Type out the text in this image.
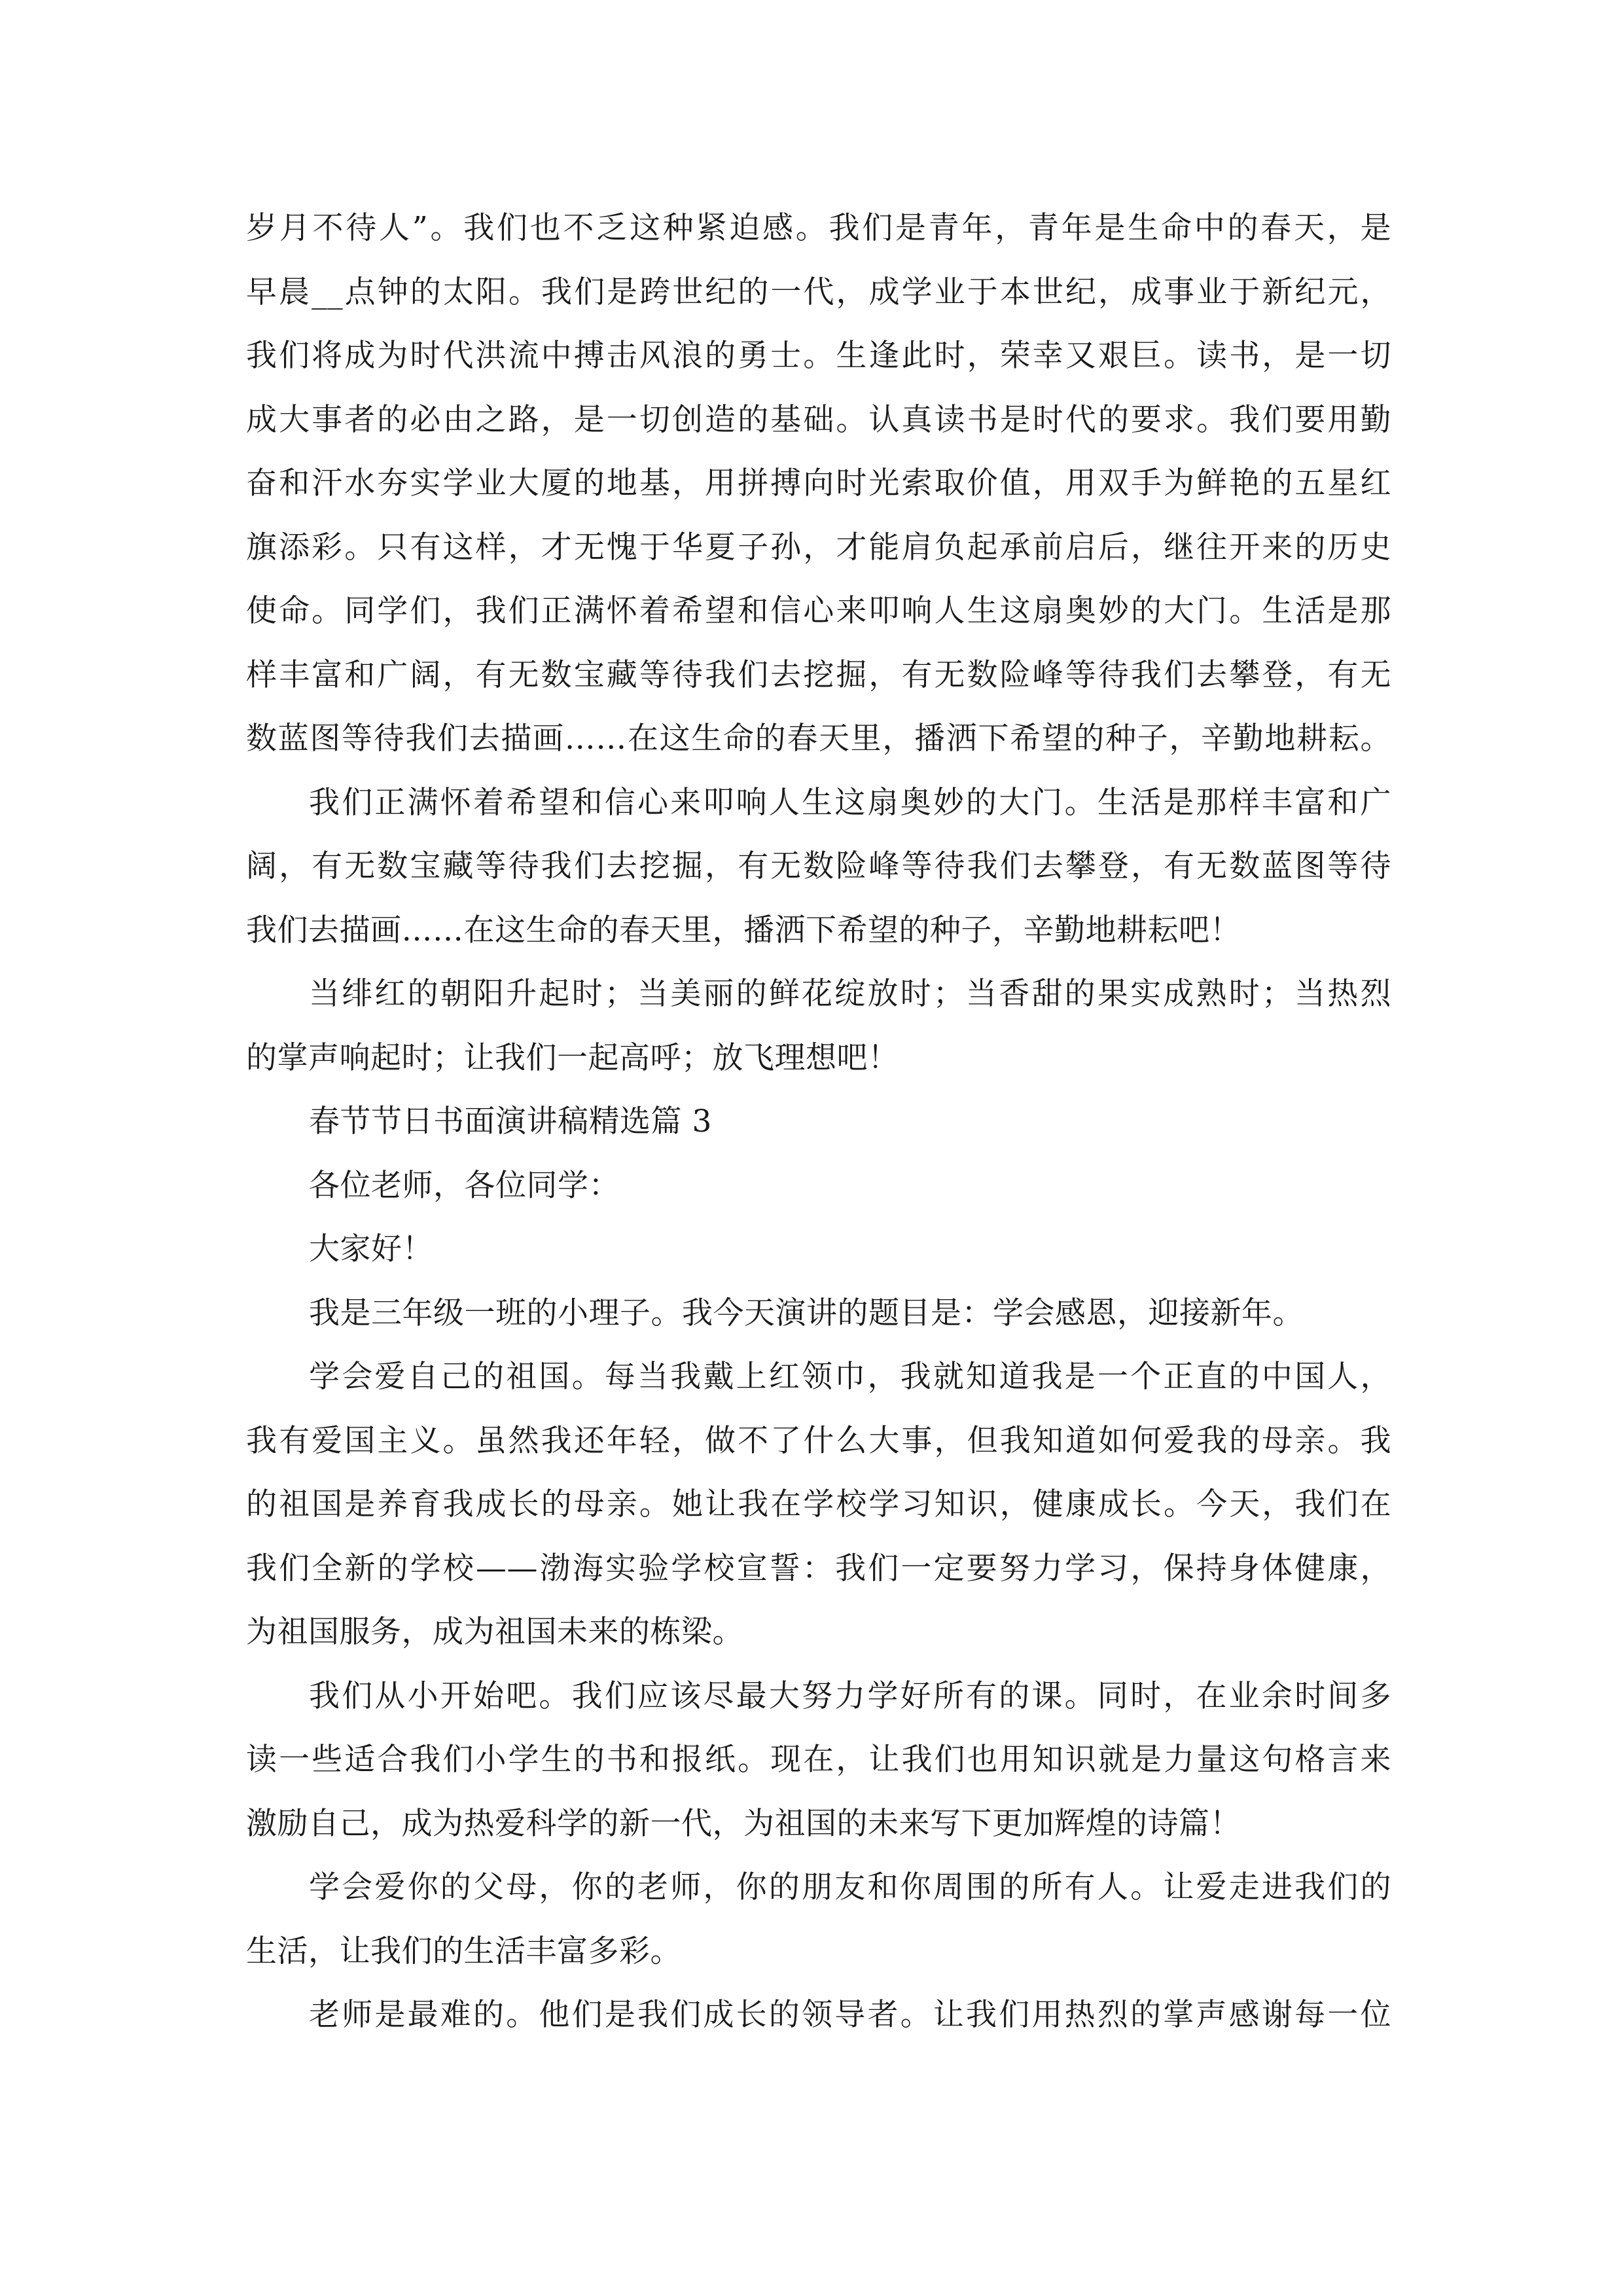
岁月不待人”。我们也不乏这种紧迫感。我们是青年，青年是生命中的春天，是
早晨__点钟的太阳。我们是跨世纪的一代，成学业于本世纪，成事业于新纪元，
我们将成为时代洪流中搏击风浪的勇士。生逢此时，荣幸又艰巨。读书，是一切
成大事者的必由之路，是一切创造的基础。认真读书是时代的要求。我们要用勤
奋和汗水夯实学业大厦的地基，用拼搏向时光索取价值，用双手为鲜艳的五星红
旗添彩。只有这样，才无愧于华夏子孙，才能肩负起承前启后，继往开来的历史
使命。同学们，我们正满怀着希望和信心来叩响人生这扇奥妙的大门。生活是那
样丰富和广阔，有无数宝藏等待我们去挖掘，有无数险峰等待我们去攀登，有无
数蓝图等待我们去描画……在这生命的春天里，播洒下希望的种子，辛勤地耕耘。
我们正满怀着希望和信心来叩响人生这扇奥妙的大门。生活是那样丰富和广
阔，有无数宝藏等待我们去挖掘，有无数险峰等待我们去攀登，有无数蓝图等待
我们去描画……在这生命的春天里，播洒下希望的种子，辛勤地耕耘吧！
当绯红的朝阳升起时；当美丽的鲜花绽放时；当香甜的果实成熟时；当热烈
的掌声响起时；让我们一起高呼；放飞理想吧！
春节节日书面演讲稿精选篇 3
各位老师，各位同学：
大家好！
我是三年级一班的小理子。我今天演讲的题目是：学会感恩，迎接新年。
学会爱自己的祖国。每当我戴上红领巾，我就知道我是一个正直的中国人，
我有爱国主义。虽然我还年轻，做不了什么大事，但我知道如何爱我的母亲。我
的祖国是养育我成长的母亲。她让我在学校学习知识，健康成长。今天，我们在
我们全新的学校——渤海实验学校宣誓：我们一定要努力学习，保持身体健康，
为祖国服务，成为祖国未来的栋梁。
我们从小开始吧。我们应该尽最大努力学好所有的课。同时，在业余时间多
读一些适合我们小学生的书和报纸。现在，让我们也用知识就是力量这句格言来
激励自己，成为热爱科学的新一代，为祖国的未来写下更加辉煌的诗篇！
学会爱你的父母，你的老师，你的朋友和你周围的所有人。让爱走进我们的
生活，让我们的生活丰富多彩。
老师是最难的。他们是我们成长的领导者。让我们用热烈的掌声感谢每一位
